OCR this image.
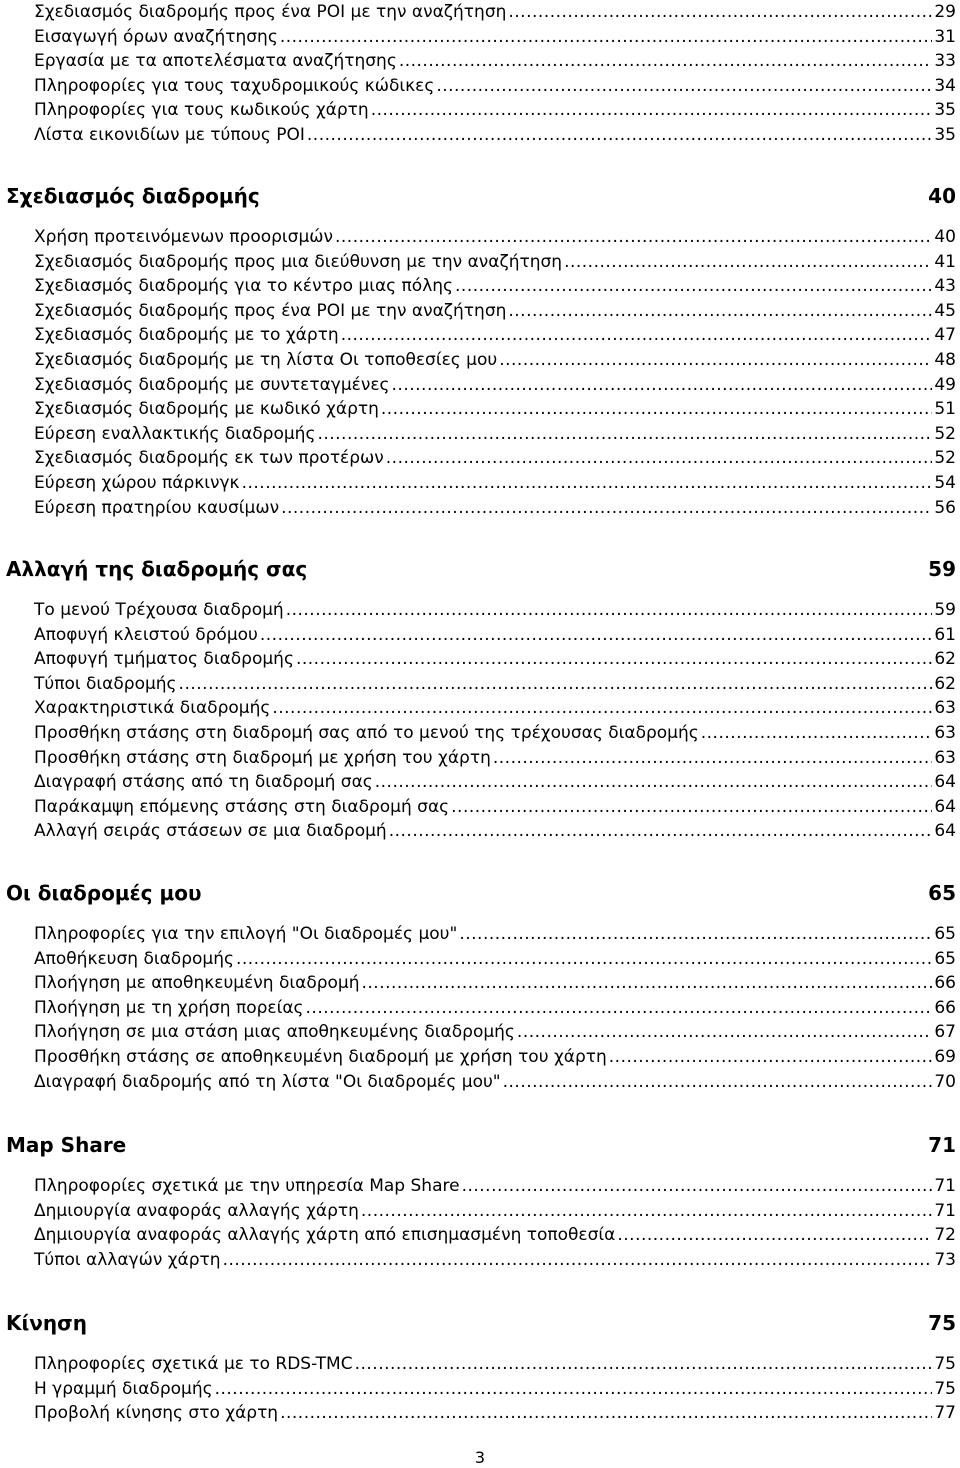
Σχεδιασμός διαδρομής προς ένα POI με την αναζήτηση .....	29
Εισαγωγή όρων αναζήτησης .....	31
Εργασία με τα αποτελέσματα αναζήτησης .....	33
Πληροφορίες για τους ταχυδρομικούς κώδικες .....	34
Πληροφορίες για τους κωδικούς χάρτη .....	35
Λίστα εικονιδίων με τύπους POI .....	35
Σχεδιασμός διαδρομής	40
Χρήση προτεινόμενων προορισμών .....	40
Σχεδιασμός διαδρομής προς μια διεύθυνση με την αναζήτηση .....	41
Σχεδιασμός διαδρομής για το κέντρο μιας πόλης .....	43
Σχεδιασμός διαδρομής προς ένα POI με την αναζήτηση .....	45
Σχεδιασμός διαδρομής με το χάρτη .....	47
Σχεδιασμός διαδρομής με τη λίστα Οι τοποθεσίες μου .....	48
Σχεδιασμός διαδρομής με συντεταγμένες .....	49
Σχεδιασμός διαδρομής με κωδικό χάρτη .....	51
Εύρεση εναλλακτικής διαδρομής .....	52
Σχεδιασμός διαδρομής εκ των προτέρων .....	52
Εύρεση χώρου πάρκινγκ .....	54
Εύρεση πρατηρίου καυσίμων .....	56
Αλλαγή της διαδρομής σας	59
Το μενού Τρέχουσα διαδρομή .....	59
Αποφυγή κλειστού δρόμου .....	61
Αποφυγή τμήματος διαδρομής .....	62
Τύποι διαδρομής .....	62
Χαρακτηριστικά διαδρομής .....	63
Προσθήκη στάσης στη διαδρομή σας από το μενού της τρέχουσας διαδρομής .....	63
Προσθήκη στάσης στη διαδρομή με χρήση του χάρτη .....	63
Διαγραφή στάσης από τη διαδρομή σας .....	64
Παράκαμψη επόμενης στάσης στη διαδρομή σας .....	64
Αλλαγή σειράς στάσεων σε μια διαδρομή .....	64
Οι διαδρομές μου	65
Πληροφορίες για την επιλογή "Οι διαδρομές μου" .....	65
Αποθήκευση διαδρομής .....	65
Πλοήγηση με αποθηκευμένη διαδρομή .....	66
Πλοήγηση με τη χρήση πορείας .....	66
Πλοήγηση σε μια στάση μιας αποθηκευμένης διαδρομής .....	67
Προσθήκη στάσης σε αποθηκευμένη διαδρομή με χρήση του χάρτη .....	69
Διαγραφή διαδρομής από τη λίστα "Οι διαδρομές μου" .....	70
Map Share	71
Πληροφορίες σχετικά με την υπηρεσία Map Share .....	71
Δημιουργία αναφοράς αλλαγής χάρτη .....	71
Δημιουργία αναφοράς αλλαγής χάρτη από επισημασμένη τοποθεσία .....	72
Τύποι αλλαγών χάρτη .....	73
Κίνηση	75
Πληροφορίες σχετικά με το RDS-TMC .....	75
Η γραμμή διαδρομής .....	75
Προβολή κίνησης στο χάρτη .....	77
3
